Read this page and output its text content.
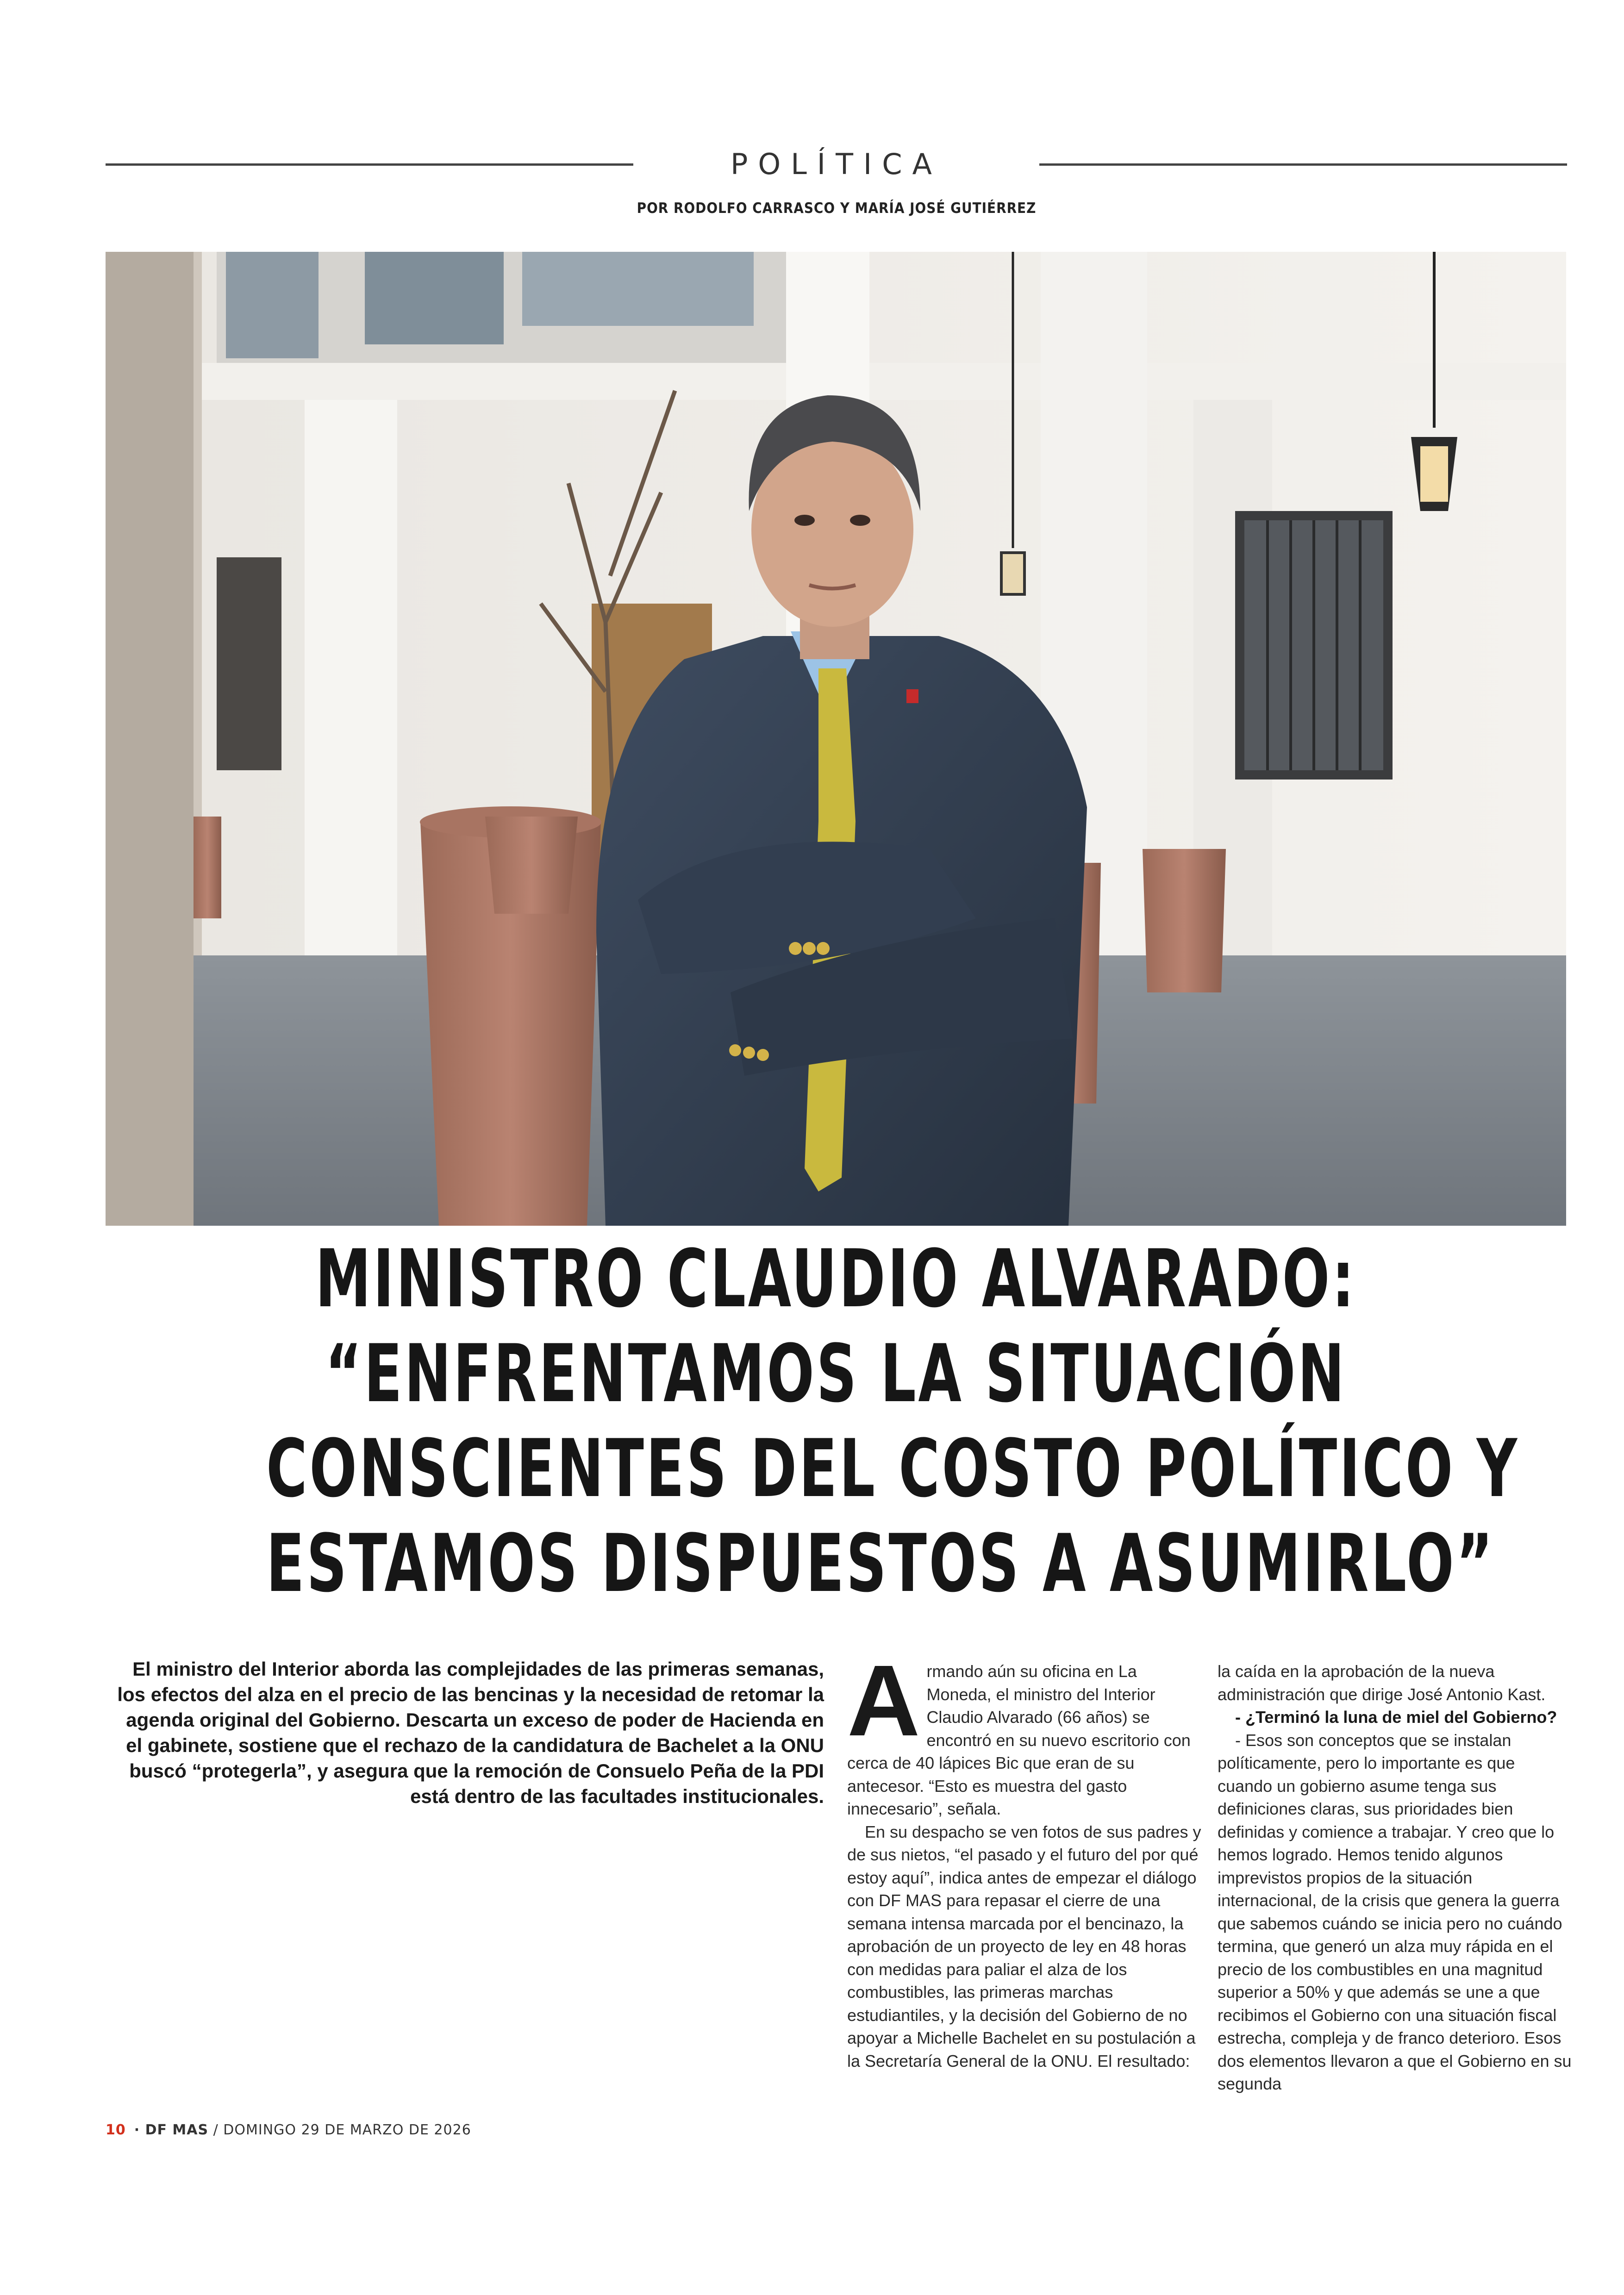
POLÍTICA
POR RODOLFO CARRASCO Y MARÍA JOSÉ GUTIÉRREZ
MINISTRO CLAUDIO ALVARADO:
“ENFRENTAMOS LA SITUACIÓN
CONSCIENTES DEL COSTO POLÍTICO Y
ESTAMOS DISPUESTOS A ASUMIRLO”
El ministro del Interior aborda las complejidades de las primeras semanas, los efectos del alza en el precio de las bencinas y la necesidad de retomar la agenda original del Gobierno. Descarta un exceso de poder de Hacienda en el gabinete, sostiene que el rechazo de la candidatura de Bachelet a la ONU buscó “protegerla”, y asegura que la remoción de Consuelo Peña de la PDI está dentro de las facultades institucionales.
A rmando aún su oficina en La Moneda, el ministro del Interior Claudio Alvarado (66 años) se encontró en su nuevo escritorio con cerca de 40 lápices Bic que eran de su antecesor. “Esto es muestra del gasto innecesario”, señala.

En su despacho se ven fotos de sus padres y de sus nietos, “el pasado y el futuro del por qué estoy aquí”, indica antes de empezar el diálogo con DF MAS para repasar el cierre de una semana intensa marcada por el bencinazo, la aprobación de un proyecto de ley en 48 horas con medidas para paliar el alza de los combustibles, las primeras marchas estudiantiles, y la decisión del Gobierno de no apoyar a Michelle Bachelet en su postulación a la Secretaría General de la ONU. El resultado:

la caída en la aprobación de la nueva administración que dirige José Antonio Kast.

- ¿Terminó la luna de miel del Gobierno?

- Esos son conceptos que se instalan políticamente, pero lo importante es que cuando un gobierno asume tenga sus definiciones claras, sus prioridades bien definidas y comience a trabajar. Y creo que lo hemos logrado. Hemos tenido algunos imprevistos propios de la situación internacional, de la crisis que genera la guerra que sabemos cuándo se inicia pero no cuándo termina, que generó un alza muy rápida en el precio de los combustibles en una magnitud superior a 50% y que además se une a que recibimos el Gobierno con una situación fiscal estrecha, compleja y de franco deterioro. Esos dos elementos llevaron a que el Gobierno en su segunda

10 · DF MAS / DOMINGO 29 DE MARZO DE 2026
